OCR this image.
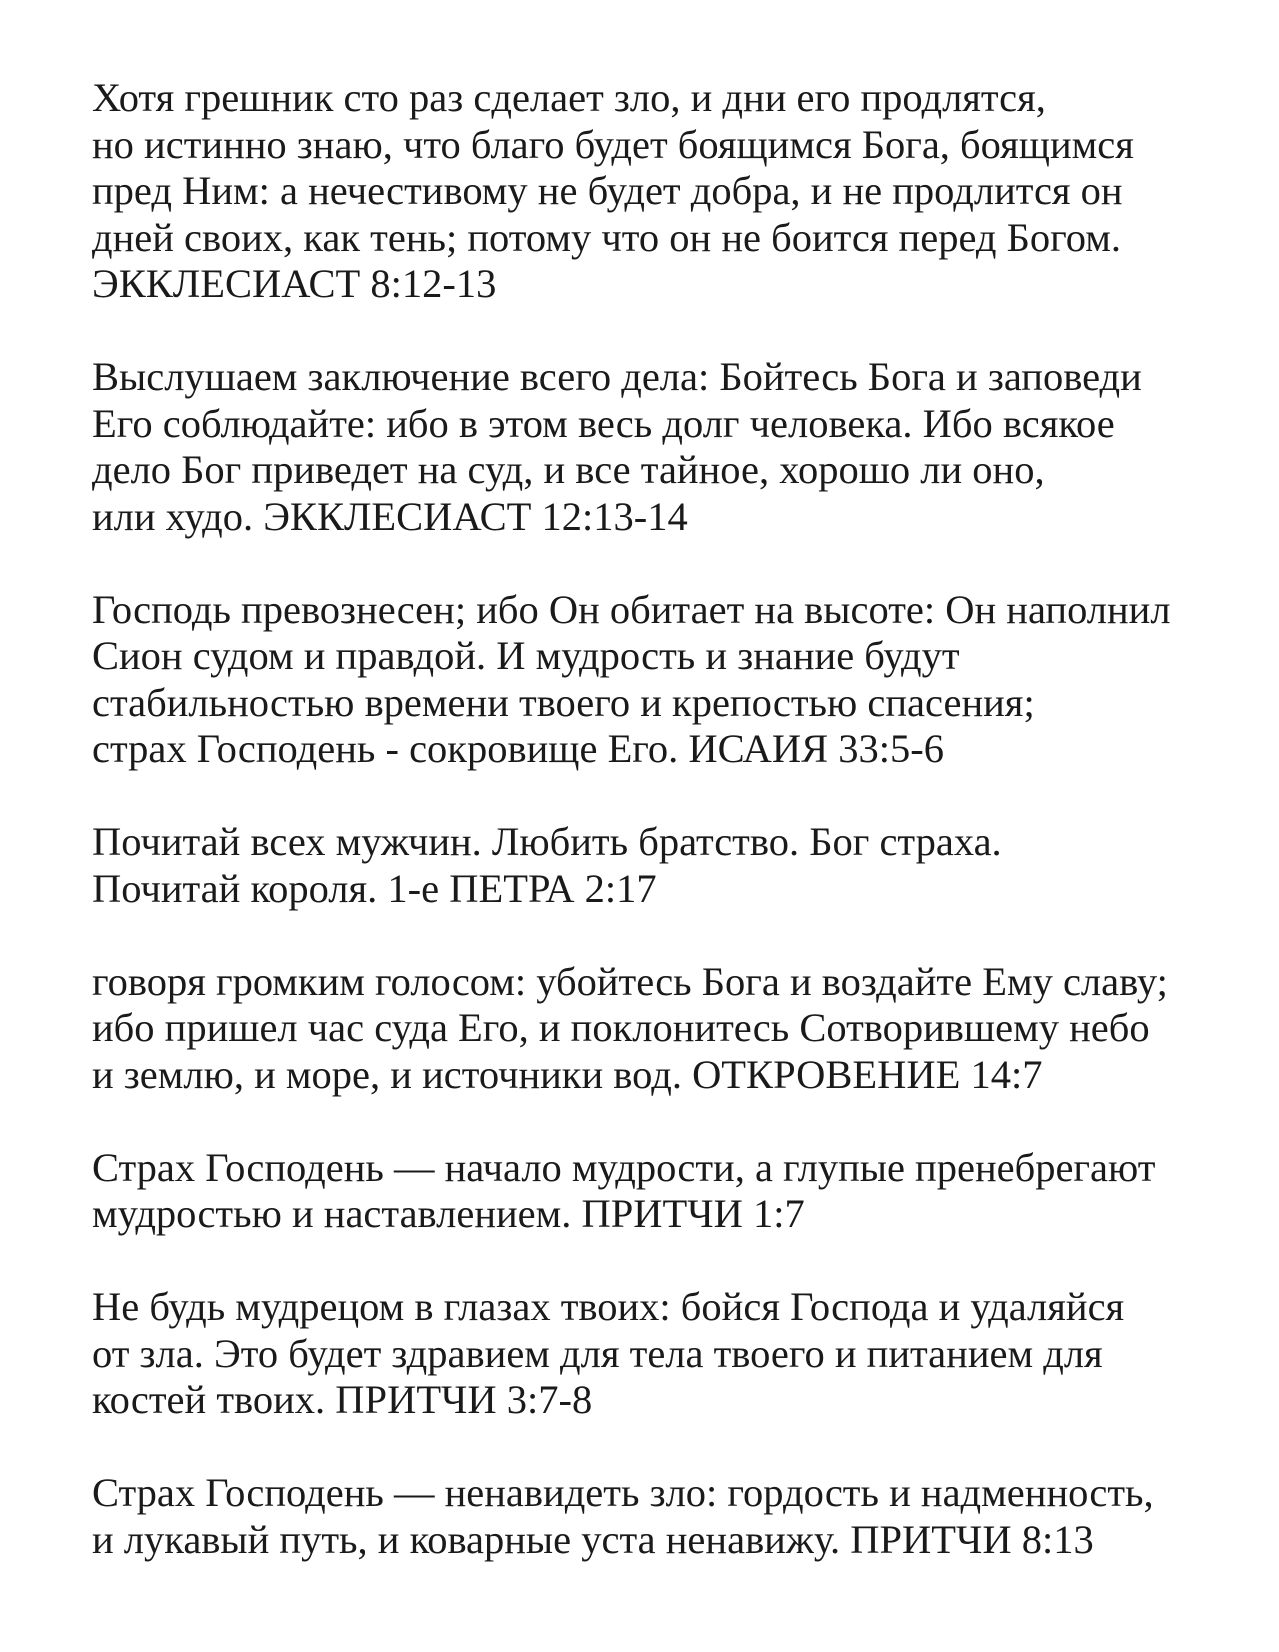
Хотя грешник сто раз сделает зло, и дни его продлятся,
но истинно знаю, что благо будет боящимся Бога, боящимся
пред Ним: а нечестивому не будет добра, и не продлится он
дней своих, как тень; потому что он не боится перед Богом.
ЭККЛЕСИАСТ 8:12-13

Выслушаем заключение всего дела: Бойтесь Бога и заповеди
Его соблюдайте: ибо в этом весь долг человека. Ибо всякое
дело Бог приведет на суд, и все тайное, хорошо ли оно,
или худо. ЭККЛЕСИАСТ 12:13-14

Господь превознесен; ибо Он обитает на высоте: Он наполнил
Сион судом и правдой. И мудрость и знание будут
стабильностью времени твоего и крепостью спасения;
страх Господень - сокровище Его. ИСАИЯ 33:5-6

Почитай всех мужчин. Любить братство. Бог страха.
Почитай короля. 1-е ПЕТРА 2:17

говоря громким голосом: убойтесь Бога и воздайте Ему славу;
ибо пришел час суда Его, и поклонитесь Сотворившему небо
и землю, и море, и источники вод. ОТКРОВЕНИЕ 14:7

Страх Господень — начало мудрости, а глупые пренебрегают
мудростью и наставлением. ПРИТЧИ 1:7

Не будь мудрецом в глазах твоих: бойся Господа и удаляйся
от зла. Это будет здравием для тела твоего и питанием для
костей твоих. ПРИТЧИ 3:7-8

Страх Господень — ненавидеть зло: гордость и надменность,
и лукавый путь, и коварные уста ненавижу. ПРИТЧИ 8:13
